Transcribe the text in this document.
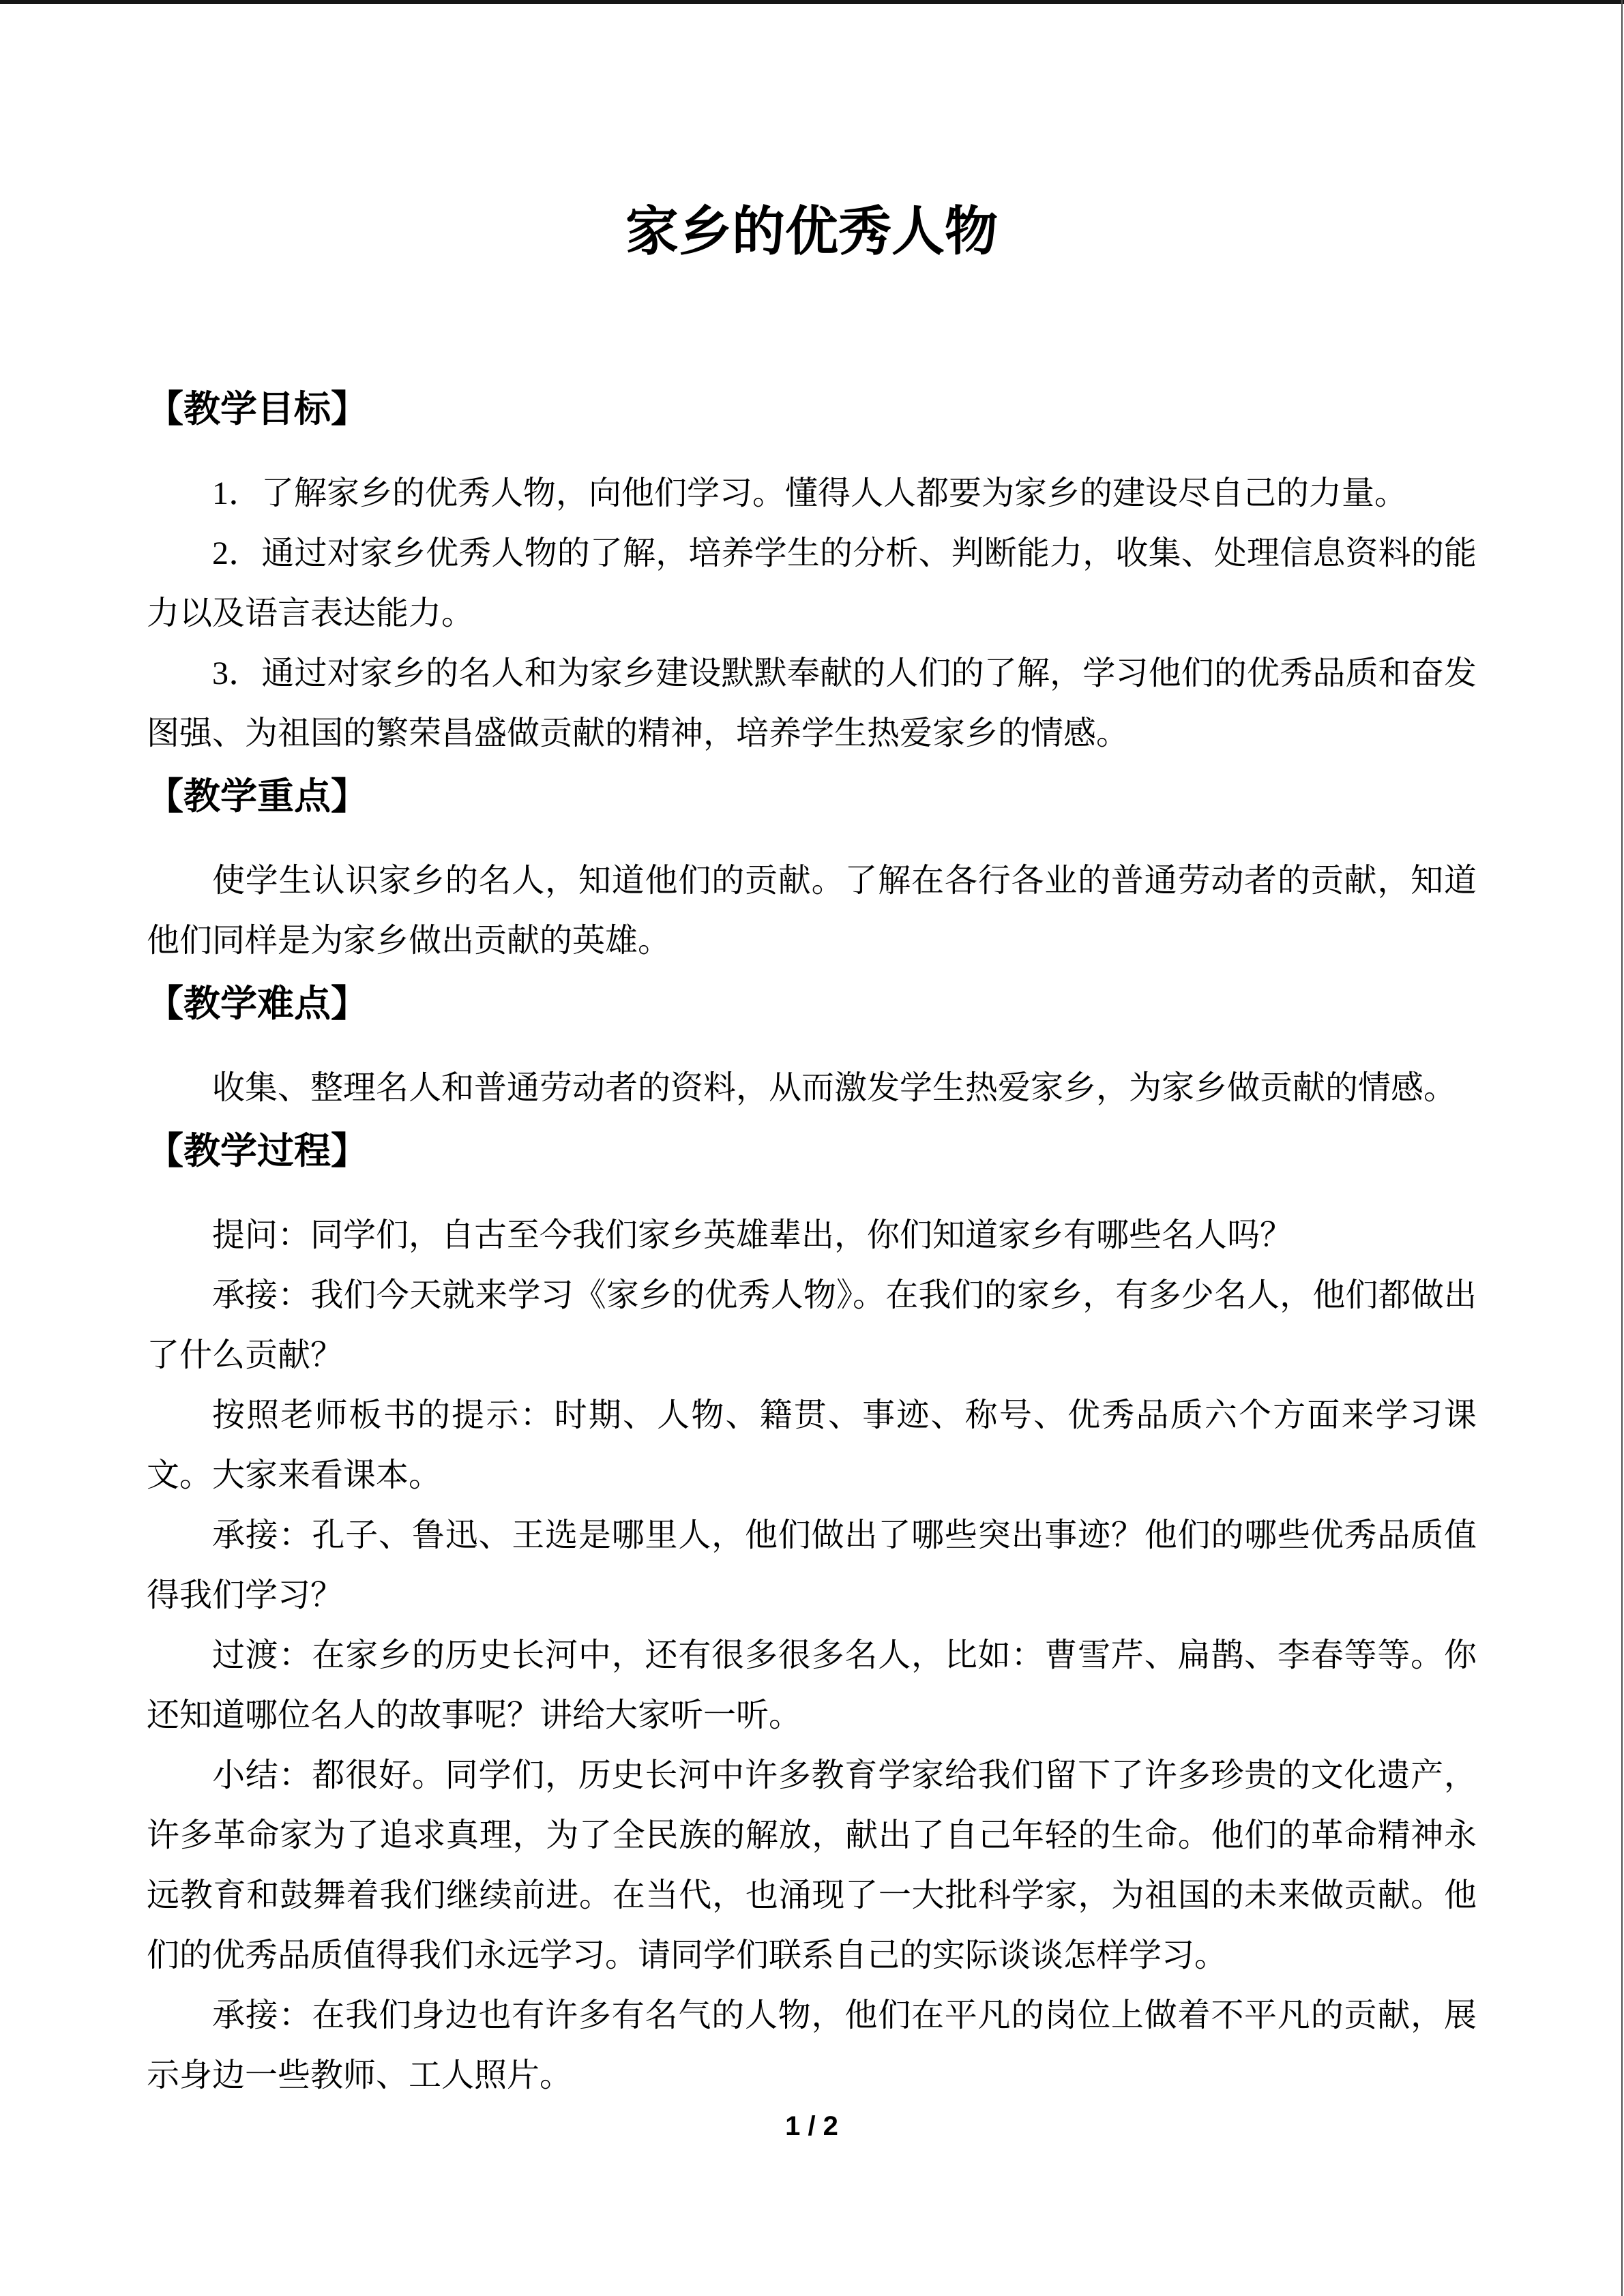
家乡的优秀人物
【教学目标】

1．了解家乡的优秀人物，向他们学习。懂得人人都要为家乡的建设尽自己的力量。

2．通过对家乡优秀人物的了解，培养学生的分析、判断能力，收集、处理信息资料的能力以及语言表达能力。

3．通过对家乡的名人和为家乡建设默默奉献的人们的了解，学习他们的优秀品质和奋发图强、为祖国的繁荣昌盛做贡献的精神，培养学生热爱家乡的情感。

【教学重点】

使学生认识家乡的名人，知道他们的贡献。了解在各行各业的普通劳动者的贡献，知道他们同样是为家乡做出贡献的英雄。

【教学难点】

收集、整理名人和普通劳动者的资料，从而激发学生热爱家乡，为家乡做贡献的情感。

【教学过程】

提问：同学们，自古至今我们家乡英雄辈出，你们知道家乡有哪些名人吗？

承接：我们今天就来学习《家乡的优秀人物》。在我们的家乡，有多少名人，他们都做出了什么贡献？

按照老师板书的提示：时期、人物、籍贯、事迹、称号、优秀品质六个方面来学习课文。大家来看课本。

承接：孔子、鲁迅、王选是哪里人，他们做出了哪些突出事迹？他们的哪些优秀品质值得我们学习？

过渡：在家乡的历史长河中，还有很多很多名人，比如：曹雪芹、扁鹊、李春等等。你还知道哪位名人的故事呢？讲给大家听一听。

小结：都很好。同学们，历史长河中许多教育学家给我们留下了许多珍贵的文化遗产，许多革命家为了追求真理，为了全民族的解放，献出了自己年轻的生命。他们的革命精神永远教育和鼓舞着我们继续前进。在当代，也涌现了一大批科学家，为祖国的未来做贡献。他们的优秀品质值得我们永远学习。请同学们联系自己的实际谈谈怎样学习。

承接：在我们身边也有许多有名气的人物，他们在平凡的岗位上做着不平凡的贡献，展示身边一些教师、工人照片。

1 / 2
